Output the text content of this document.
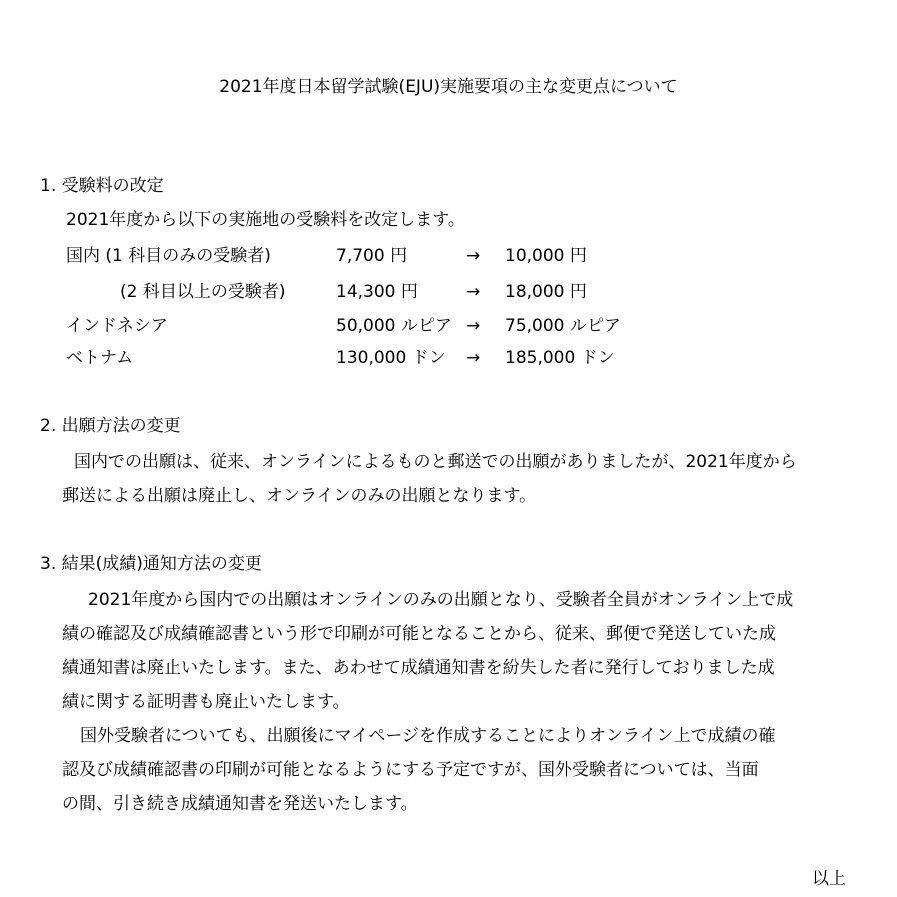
2021年度日本留学試験(EJU)実施要項の主な変更点について
1. 受験料の改定
2021年度から以下の実施地の受験料を改定します。
国内 (1 科目のみの受験者)	7,700 円	→ 10,000 円
(2 科目以上の受験者)	14,300 円	→ 18,000 円
インドネシア	50,000 ルピア → 75,000 ルピア
ベトナム	130,000 ドン → 185,000 ドン
2. 出願方法の変更
国内での出願は、従来、オンラインによるものと郵送での出願がありましたが、2021年度から
郵送による出願は廃止し、オンラインのみの出願となります。
3. 結果(成績)通知方法の変更
2021年度から国内での出願はオンラインのみの出願となり、受験者全員がオンライン上で成
績の確認及び成績確認書という形で印刷が可能となることから、従来、郵便で発送していた成
績通知書は廃止いたします。また、あわせて成績通知書を紛失した者に発行しておりました成
績に関する証明書も廃止いたします。
国外受験者についても、出願後にマイページを作成することによりオンライン上で成績の確
認及び成績確認書の印刷が可能となるようにする予定ですが、国外受験者については、当面
の間、引き続き成績通知書を発送いたします。
以上
